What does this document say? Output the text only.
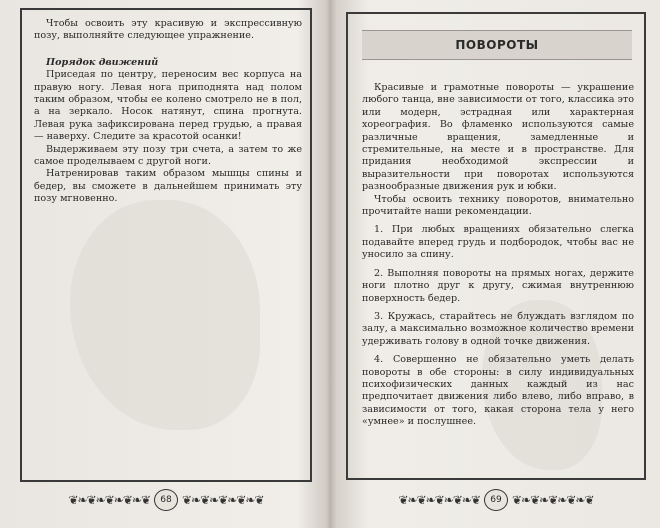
Чтобы освоить эту красивую и экспрессивную позу, выполняйте следующее упражнение.

Порядок движений

Приседая по центру, переносим вес корпуса на правую ногу. Левая нога приподнята над полом таким образом, чтобы ее колено смотрело не в пол, а на зеркало. Носок натянут, спина прогнута. Левая рука зафиксирована перед грудью, а правая — наверху. Следите за красотой осанки!

Выдерживаем эту позу три счета, а затем то же самое проделываем с другой ноги.

Натренировав таким образом мышцы спины и бедер, вы сможете в дальнейшем принимать эту позу мгновенно.

❦❧❦❧❦❧❦❧❦	68 ❦❧❦❧❦❧❦❧❦
ПОВОРОТЫ

Красивые и грамотные повороты — украшение любого танца, вне зависимости от того, классика это или модерн, эстрадная или характерная хореография. Во фламенко используются самые различные вращения, замедленные и стремительные, на месте и в пространстве. Для придания необходимой экспрессии и выразительности при поворотах используются разнообразные движения рук и юбки.

Чтобы освоить технику поворотов, внимательно прочитайте наши рекомендации.

1. При любых вращениях обязательно слегка подавайте вперед грудь и подбородок, чтобы вас не уносило за спину.

2. Выполняя повороты на прямых ногах, держите ноги плотно друг к другу, сжимая внутреннюю поверхность бедер.

3. Кружась, старайтесь не блуждать взглядом по залу, а максимально возможное количество времени удерживать голову в одной точке движения.

4. Совершенно не обязательно уметь делать повороты в обе стороны: в силу индивидуальных психофизических данных каждый из нас предпочитает движения либо влево, либо вправо, в зависимости от того, какая сторона тела у него «умнее» и послушнее.

❦❧❦❧❦❧❦❧❦	69 ❦❧❦❧❦❧❦❧❦
